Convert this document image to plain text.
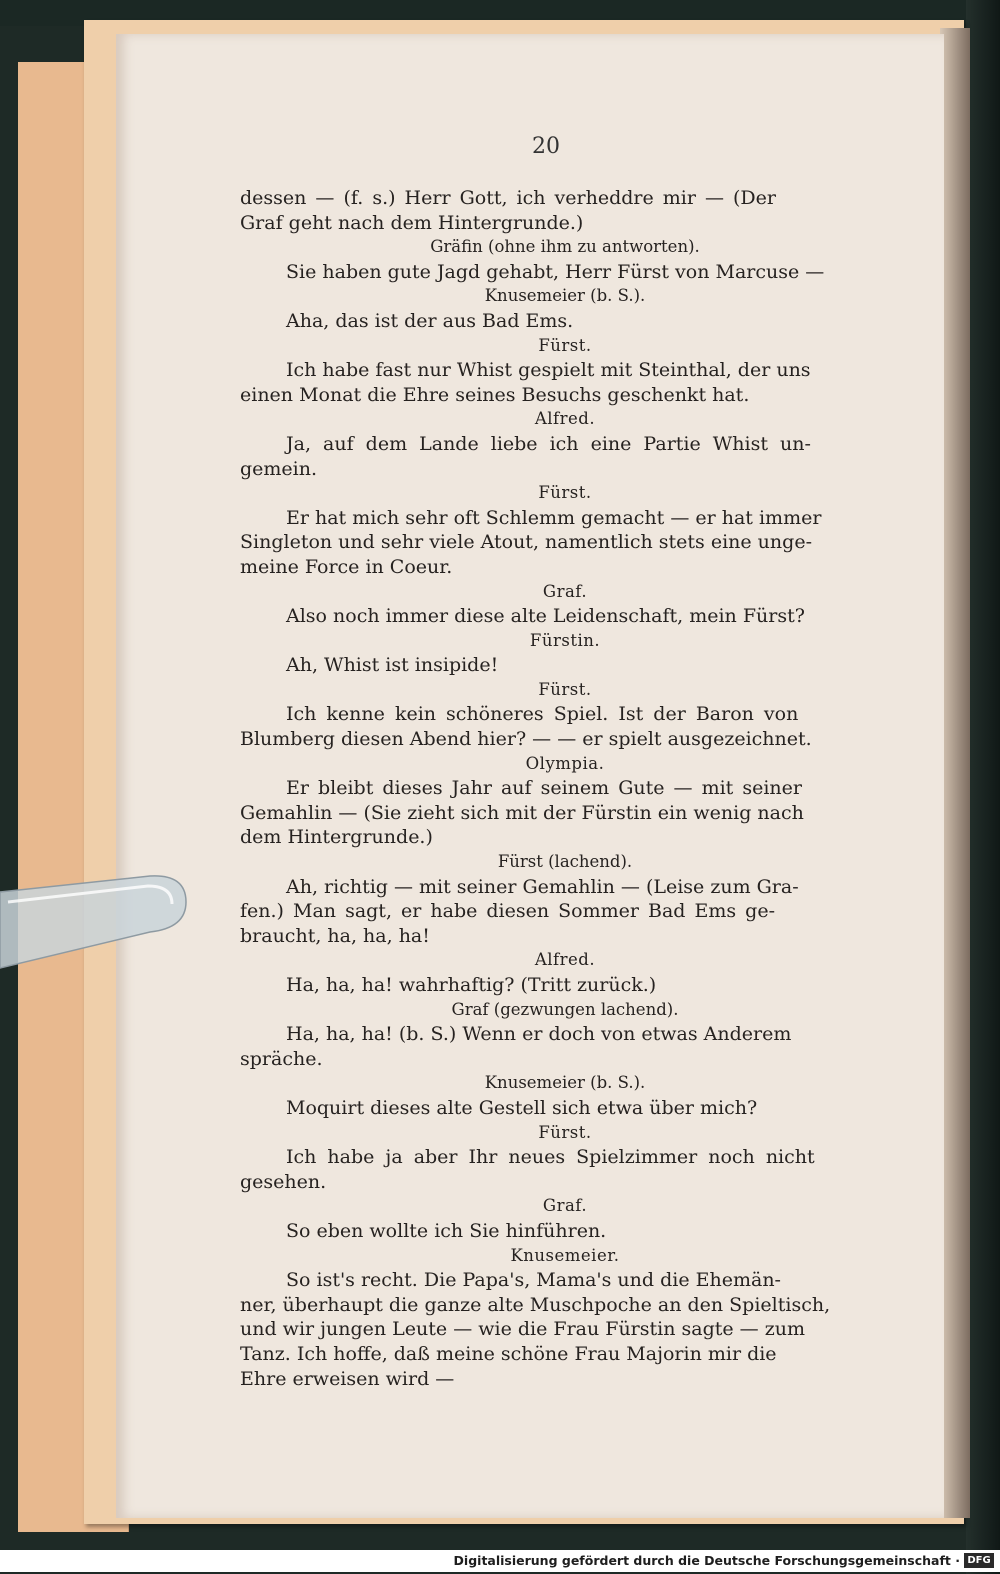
20
dessen — (f. s.) Herr Gott, ich verheddre mir — (Der
Graf geht nach dem Hintergrunde.)
Gräfin (ohne ihm zu antworten).
Sie haben gute Jagd gehabt, Herr Fürst von Marcuse —
Knusemeier (b. S.).
Aha, das ist der aus Bad Ems.
Fürst.
Ich habe fast nur Whist gespielt mit Steinthal, der uns
einen Monat die Ehre seines Besuchs geschenkt hat.
Alfred.
Ja, auf dem Lande liebe ich eine Partie Whist un-
gemein.
Fürst.
Er hat mich sehr oft Schlemm gemacht — er hat immer
Singleton und sehr viele Atout, namentlich stets eine unge-
meine Force in Coeur.
Graf.
Also noch immer diese alte Leidenschaft, mein Fürst?
Fürstin.
Ah, Whist ist insipide!
Fürst.
Ich kenne kein schöneres Spiel. Ist der Baron von
Blumberg diesen Abend hier? — — er spielt ausgezeichnet.
Olympia.
Er bleibt dieses Jahr auf seinem Gute — mit seiner
Gemahlin — (Sie zieht sich mit der Fürstin ein wenig nach
dem Hintergrunde.)
Fürst (lachend).
Ah, richtig — mit seiner Gemahlin — (Leise zum Gra-
fen.) Man sagt, er habe diesen Sommer Bad Ems ge-
braucht, ha, ha, ha!
Alfred.
Ha, ha, ha! wahrhaftig? (Tritt zurück.)
Graf (gezwungen lachend).
Ha, ha, ha! (b. S.) Wenn er doch von etwas Anderem
spräche.
Knusemeier (b. S.).
Moquirt dieses alte Gestell sich etwa über mich?
Fürst.
Ich habe ja aber Ihr neues Spielzimmer noch nicht
gesehen.
Graf.
So eben wollte ich Sie hinführen.
Knusemeier.
So ist's recht. Die Papa's, Mama's und die Ehemän-
ner, überhaupt die ganze alte Muschpoche an den Spieltisch,
und wir jungen Leute — wie die Frau Fürstin sagte — zum
Tanz. Ich hoffe, daß meine schöne Frau Majorin mir die
Ehre erweisen wird —
Digitalisierung gefördert durch die Deutsche Forschungsgemeinschaft · DFG
